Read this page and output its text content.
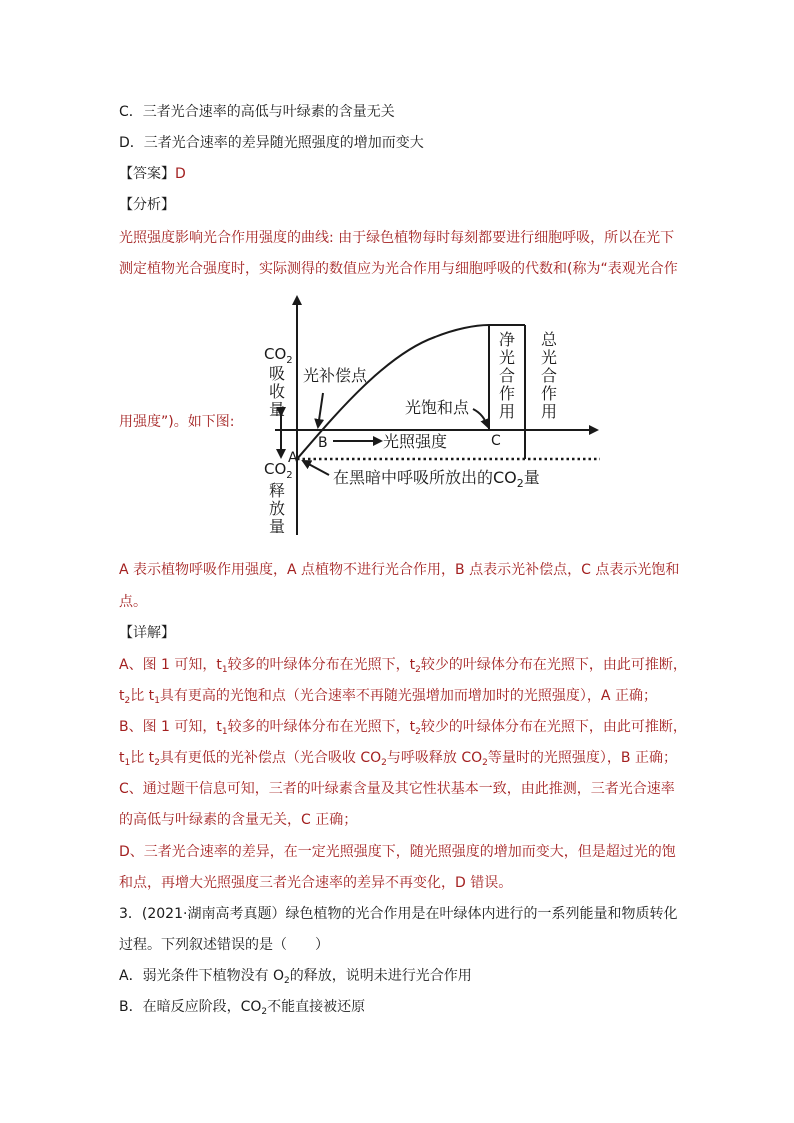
C．三者光合速率的高低与叶绿素的含量无关
D．三者光合速率的差异随光照强度的增加而变大
【答案】D
【分析】
光照强度影响光合作用强度的曲线: 由于绿色植物每时每刻都要进行细胞呼吸，所以在光下
测定植物光合强度时，实际测得的数值应为光合作用与细胞呼吸的代数和(称为“表观光合作
用强度”)。如下图:
$CO_2$
吸
收
量
$CO_2$
释
放
量
A
B	C
光补偿点
光饱和点
光照强度
净
光
合
作
用
总
光
合
作
用
在黑暗中呼吸所放出的$CO_2$量
A 表示植物呼吸作用强度，A 点植物不进行光合作用，B 点表示光补偿点，C 点表示光饱和
点。
【详解】
A、图 1 可知，$t_1$较多的叶绿体分布在光照下，$t_2$较少的叶绿体分布在光照下，由此可推断，
$t_2$比 $t_1$具有更高的光饱和点（光合速率不再随光强增加而增加时的光照强度），A 正确；
B、图 1 可知，$t_1$较多的叶绿体分布在光照下，$t_2$较少的叶绿体分布在光照下，由此可推断，
$t_1$比 $t_2$具有更低的光补偿点（光合吸收 $CO_2$与呼吸释放 $CO_2$等量时的光照强度），B 正确；
C、通过题干信息可知，三者的叶绿素含量及其它性状基本一致，由此推测，三者光合速率
的高低与叶绿素的含量无关，C 正确；
D、三者光合速率的差异，在一定光照强度下，随光照强度的增加而变大，但是超过光的饱
和点，再增大光照强度三者光合速率的差异不再变化，D 错误。
3．(2021·湖南高考真题）绿色植物的光合作用是在叶绿体内进行的一系列能量和物质转化
过程。下列叙述错误的是（　　）
A．弱光条件下植物没有 $O_2$的释放，说明未进行光合作用
B．在暗反应阶段，$CO_2$不能直接被还原
